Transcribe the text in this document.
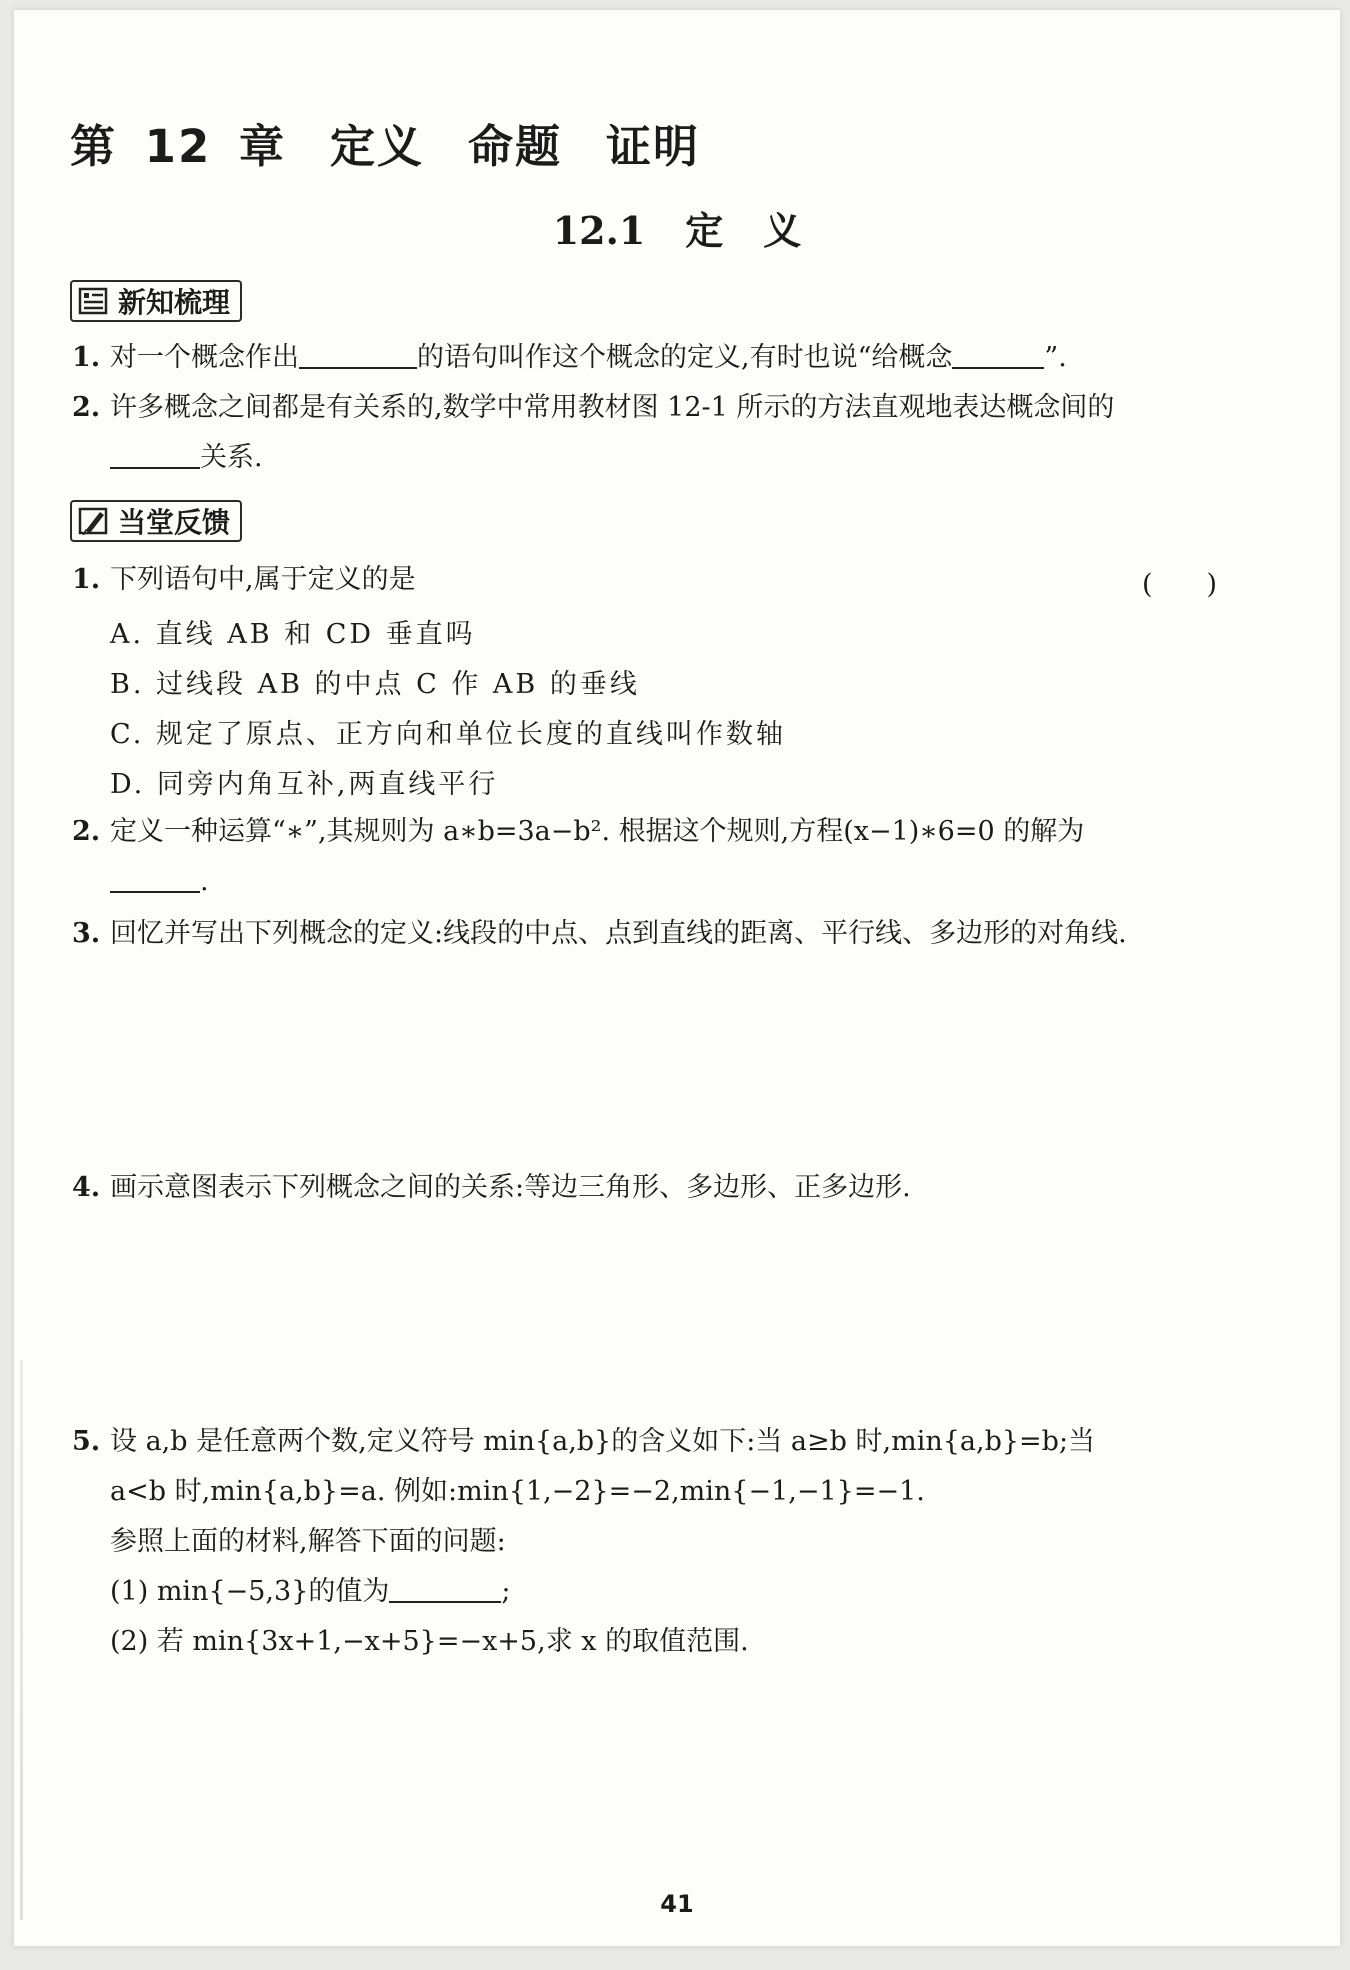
第 12 章 定义 命题 证明
12.1 定 义
新知梳理
1. 对一个概念作出	的语句叫作这个概念的定义,有时也说“给概念	”.
2. 许多概念之间都是有关系的,数学中常用教材图 12-1 所示的方法直观地表达概念间的
关系.
当堂反馈
1. 下列语句中,属于定义的是	(　　)
A. 直线 AB 和 CD 垂直吗
B. 过线段 AB 的中点 C 作 AB 的垂线
C. 规定了原点、正方向和单位长度的直线叫作数轴
D. 同旁内角互补,两直线平行
2. 定义一种运算“∗”,其规则为 a∗b=3a−b². 根据这个规则,方程(x−1)∗6=0 的解为
.
3. 回忆并写出下列概念的定义:线段的中点、点到直线的距离、平行线、多边形的对角线.
4. 画示意图表示下列概念之间的关系:等边三角形、多边形、正多边形.
5. 设 a,b 是任意两个数,定义符号 min{a,b}的含义如下:当 a≥b 时,min{a,b}=b;当
a<b 时,min{a,b}=a. 例如:min{1,−2}=−2,min{−1,−1}=−1.
参照上面的材料,解答下面的问题:
(1) min{−5,3}的值为	;
(2) 若 min{3x+1,−x+5}=−x+5,求 x 的取值范围.
41
